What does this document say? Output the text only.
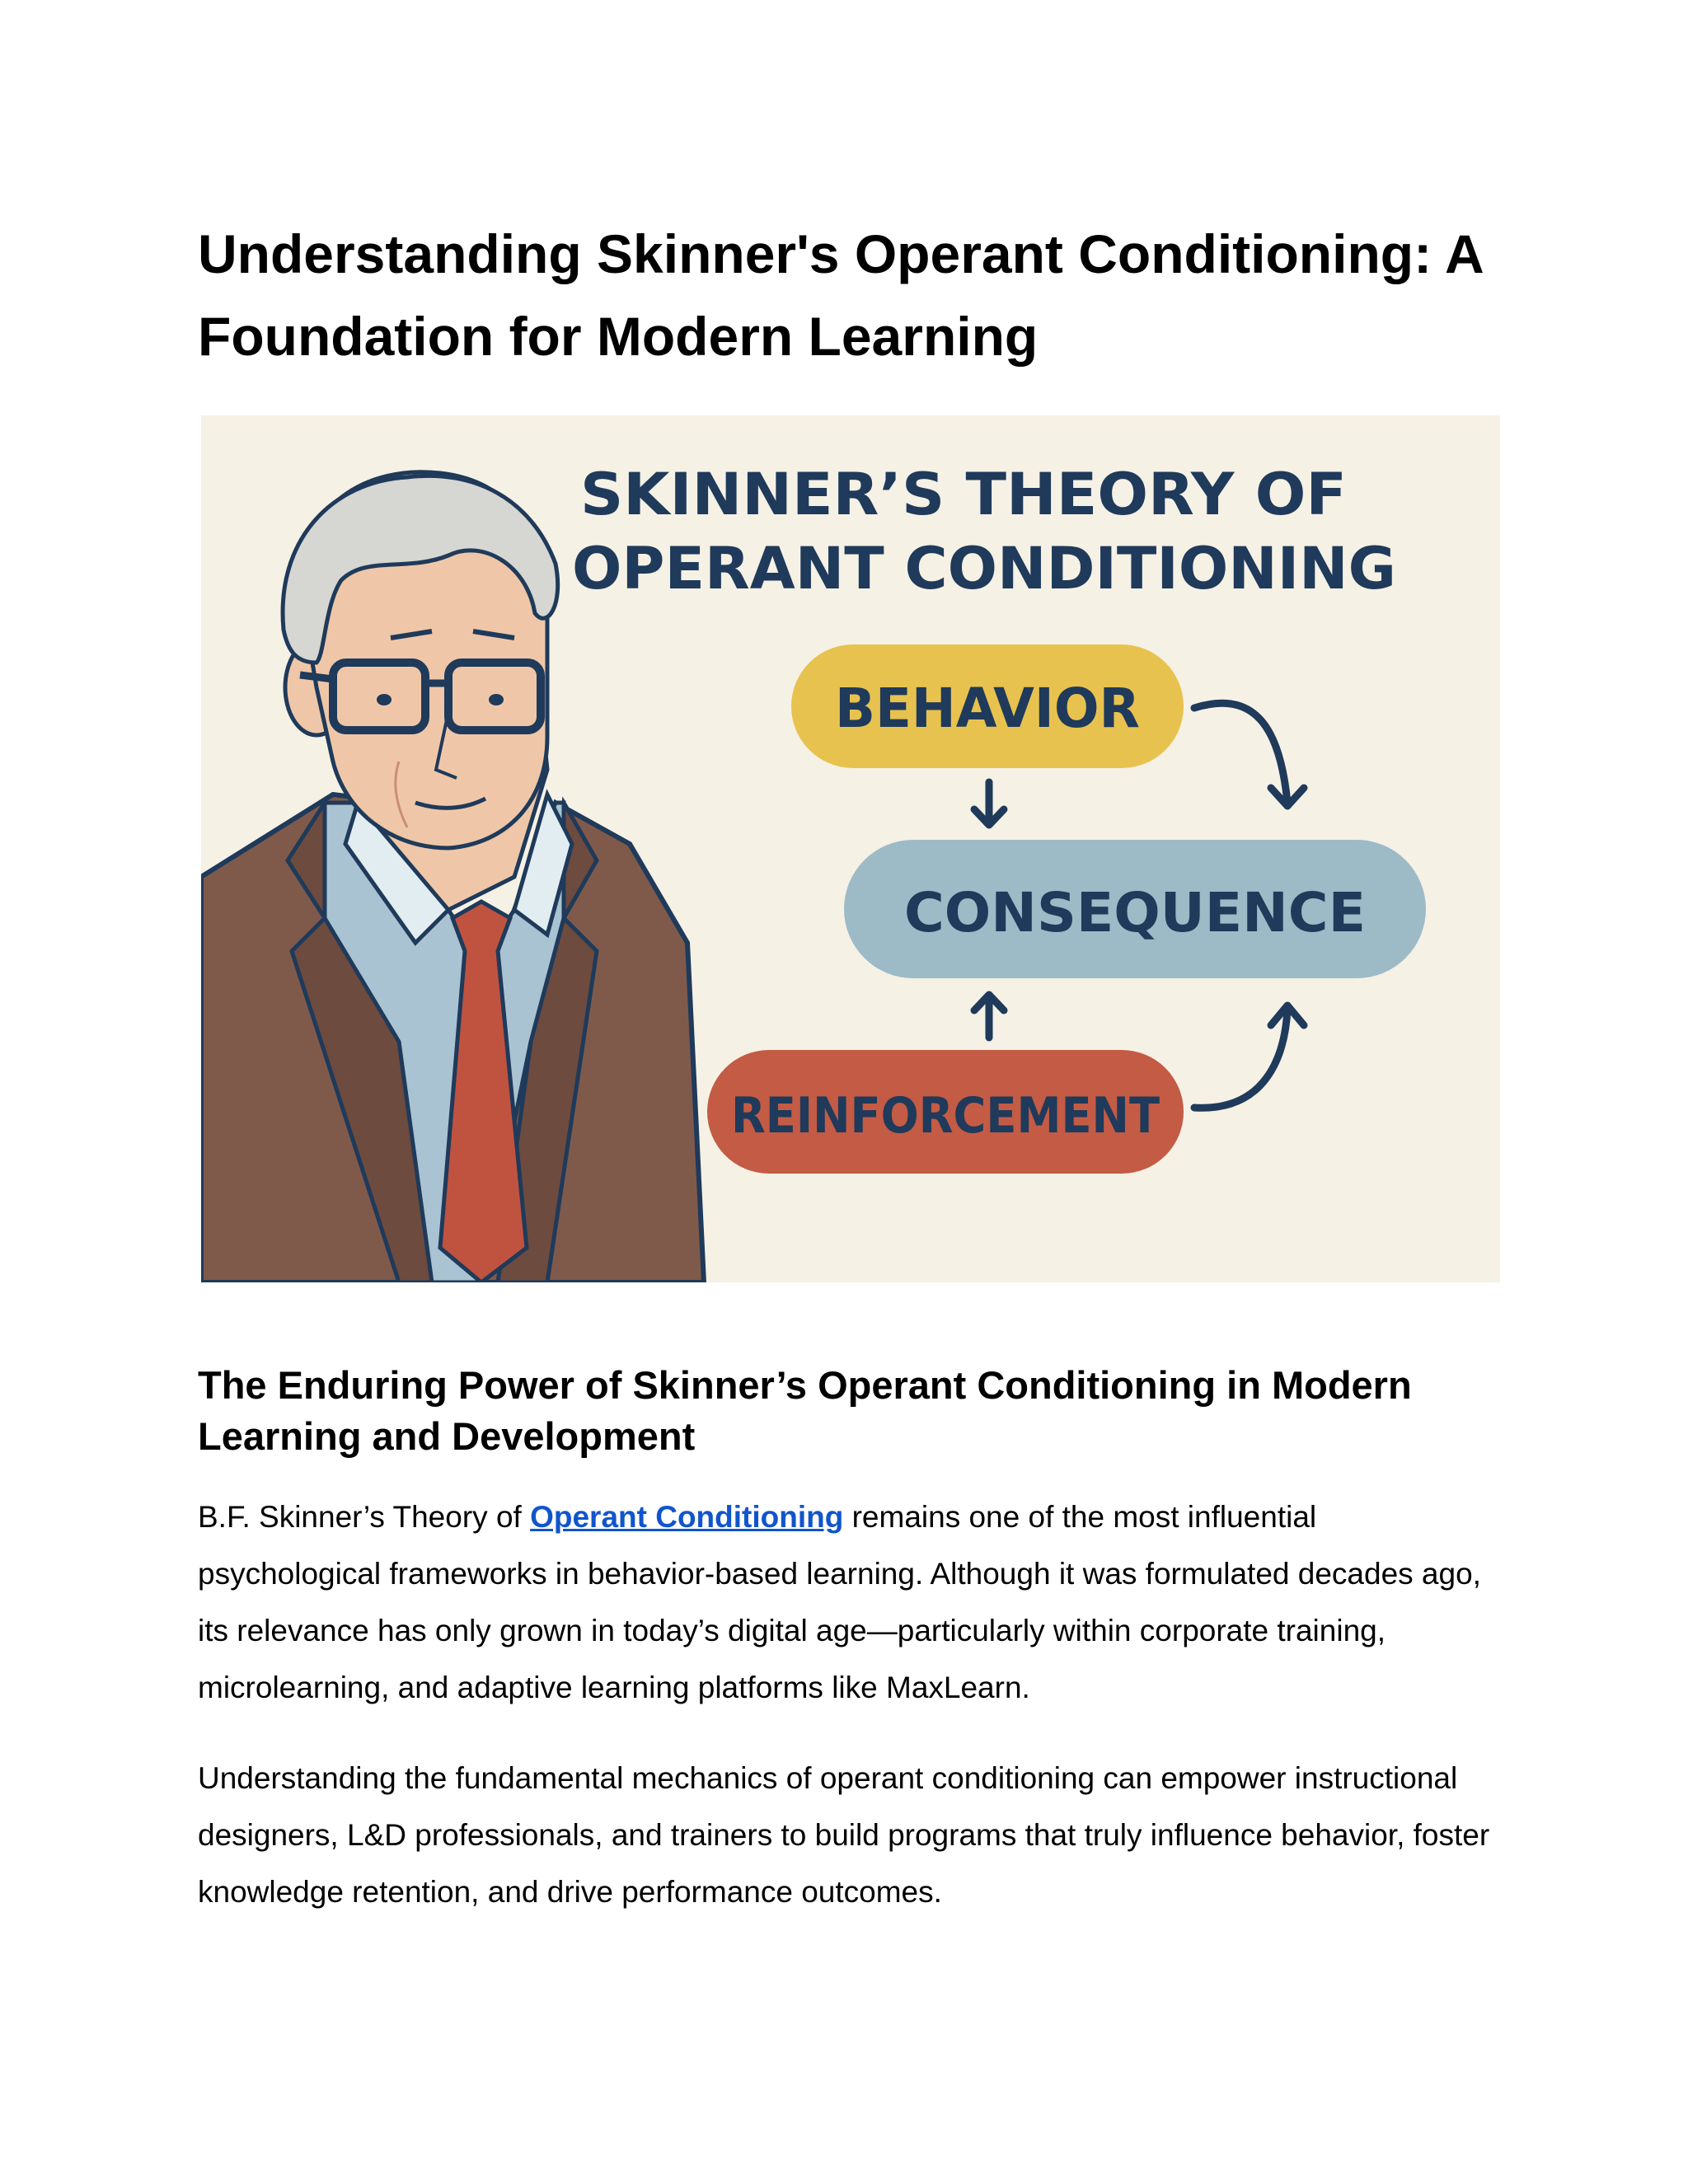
Understanding Skinner's Operant Conditioning: A Foundation for Modern Learning
SKINNER’S THEORY OF
OPERANT CONDITIONING
BEHAVIOR
CONSEQUENCE
REINFORCEMENT
The Enduring Power of Skinner’s Operant Conditioning in Modern Learning and Development

B.F. Skinner’s Theory of Operant Conditioning remains one of the most influential psychological frameworks in behavior-based learning. Although it was formulated decades ago, its relevance has only grown in today’s digital age—particularly within corporate training, microlearning, and adaptive learning platforms like MaxLearn.

Understanding the fundamental mechanics of operant conditioning can empower instructional designers, L&D professionals, and trainers to build programs that truly influence behavior, foster knowledge retention, and drive performance outcomes.
